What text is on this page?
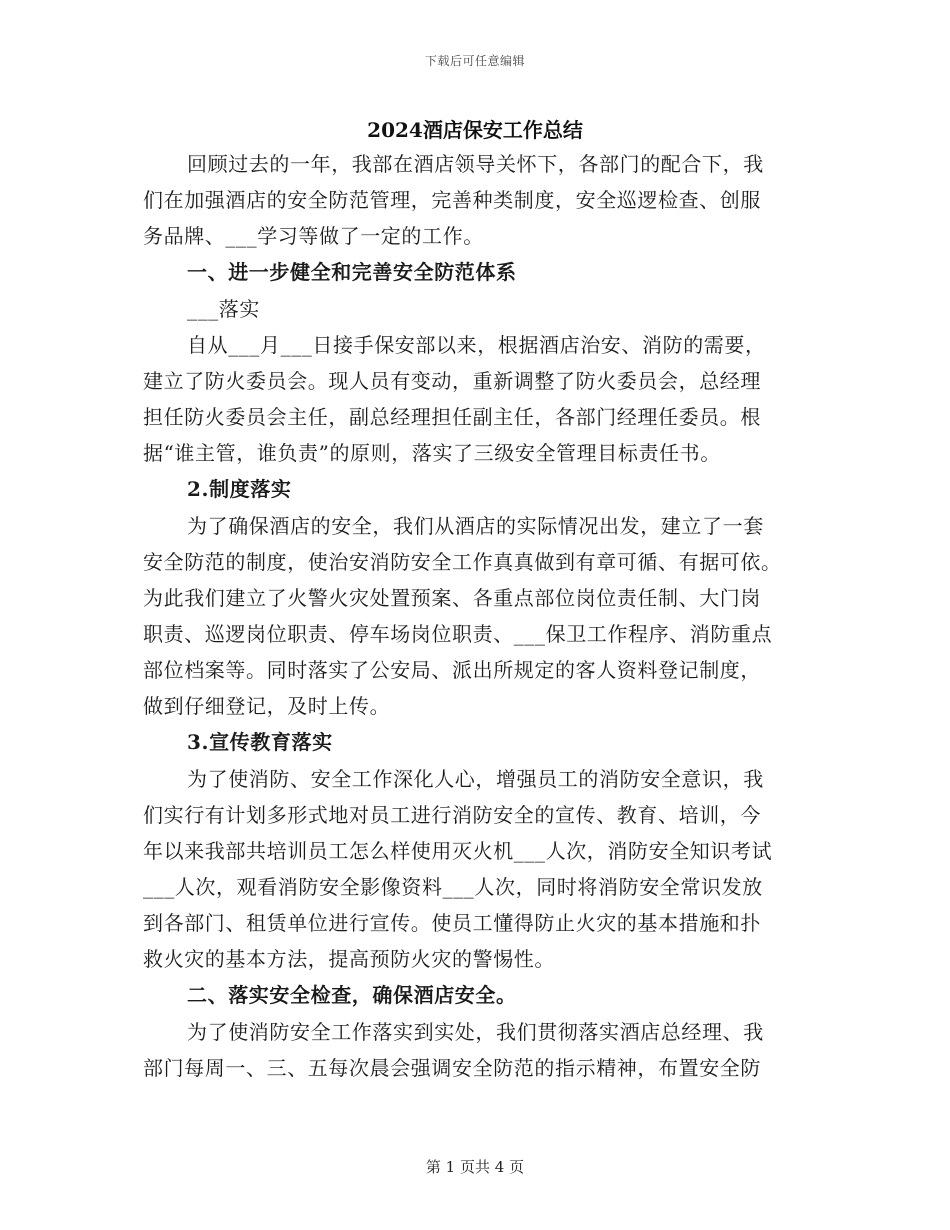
下载后可任意编辑
2024酒店保安工作总结
回顾过去的一年，我部在酒店领导关怀下，各部门的配合下，我
们在加强酒店的安全防范管理，完善种类制度，安全巡逻检查、创服
务品牌、___学习等做了一定的工作。
一、进一步健全和完善安全防范体系
___落实
自从___月___日接手保安部以来，根据酒店治安、消防的需要，
建立了防火委员会。现人员有变动，重新调整了防火委员会，总经理
担任防火委员会主任，副总经理担任副主任，各部门经理任委员。根
据“谁主管，谁负责”的原则，落实了三级安全管理目标责任书。
2.制度落实
为了确保酒店的安全，我们从酒店的实际情况出发，建立了一套
安全防范的制度，使治安消防安全工作真真做到有章可循、有据可依。
为此我们建立了火警火灾处置预案、各重点部位岗位责任制、大门岗
职责、巡逻岗位职责、停车场岗位职责、___保卫工作程序、消防重点
部位档案等。同时落实了公安局、派出所规定的客人资料登记制度，
做到仔细登记，及时上传。
3.宣传教育落实
为了使消防、安全工作深化人心，增强员工的消防安全意识，我
们实行有计划多形式地对员工进行消防安全的宣传、教育、培训，今
年以来我部共培训员工怎么样使用灭火机___人次，消防安全知识考试
___人次，观看消防安全影像资料___人次，同时将消防安全常识发放
到各部门、租赁单位进行宣传。使员工懂得防止火灾的基本措施和扑
救火灾的基本方法，提高预防火灾的警惕性。
二、落实安全检查，确保酒店安全。
为了使消防安全工作落实到实处，我们贯彻落实酒店总经理、我
部门每周一、三、五每次晨会强调安全防范的指示精神，布置安全防
第 1 页共 4 页
